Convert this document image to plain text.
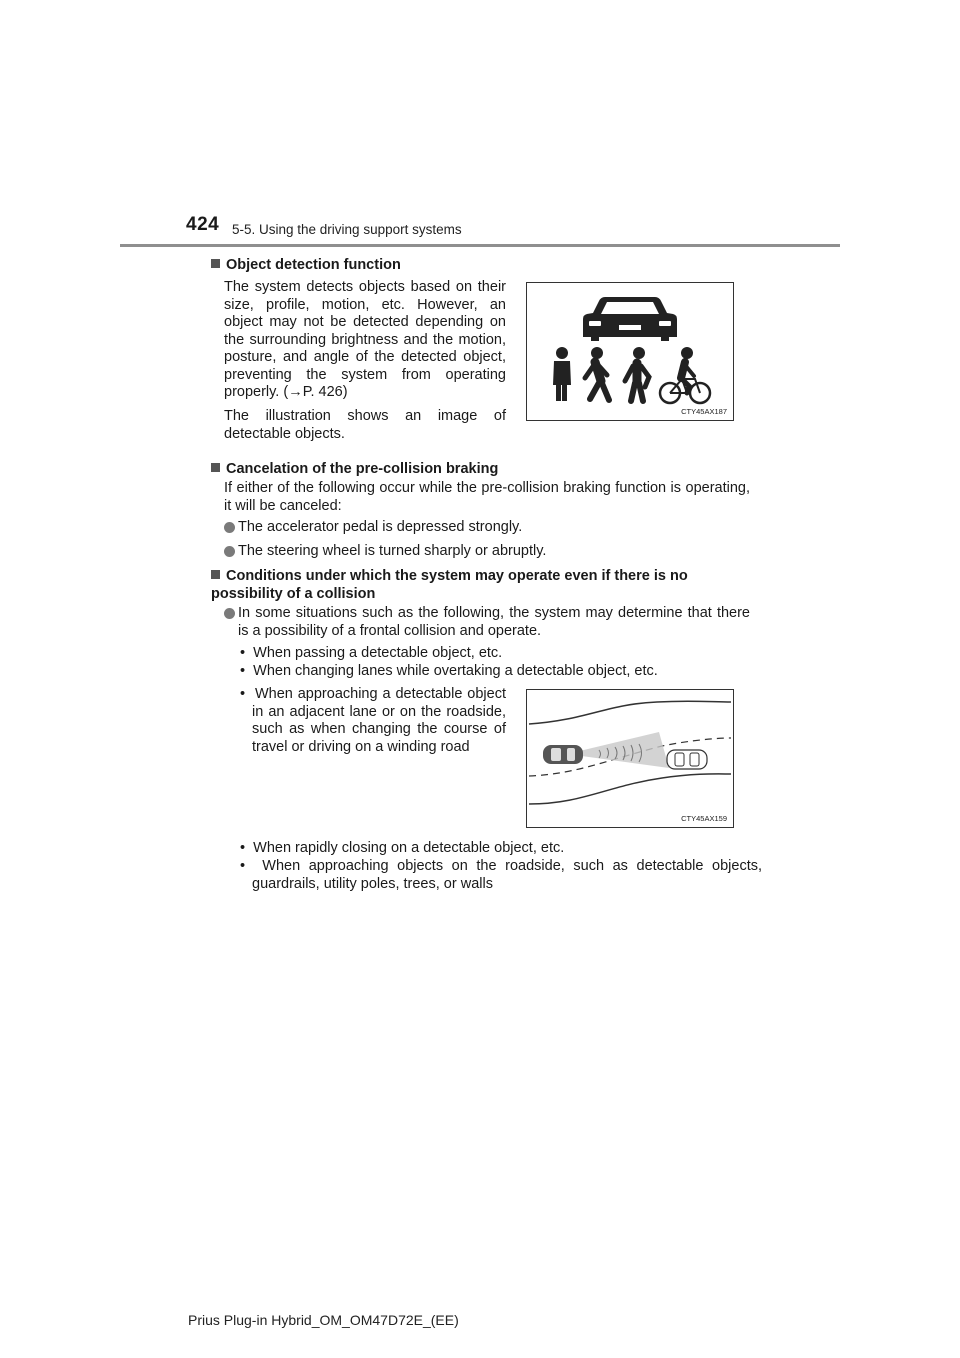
424 5-5. Using the driving support systems
Object detection function
The system detects objects based on their size, profile, motion, etc. However, an object may not be detected depending on the surrounding brightness and the motion, posture, and angle of the detected object, preventing the system from operating properly. (→P. 426)
The illustration shows an image of detectable objects.
CTY45AX187
Cancelation of the pre-collision braking
If either of the following occur while the pre-collision braking function is operating, it will be canceled:
The accelerator pedal is depressed strongly.
The steering wheel is turned sharply or abruptly.
Conditions under which the system may operate even if there is no possibility of a collision
In some situations such as the following, the system may determine that there is a possibility of a frontal collision and operate.
•  When passing a detectable object, etc.
•  When changing lanes while overtaking a detectable object, etc.
•  When approaching a detectable object in an adjacent lane or on the roadside, such as when changing the course of travel or driving on a winding road
CTY45AX159
•  When rapidly closing on a detectable object, etc.
•  When approaching objects on the roadside, such as detectable objects, guardrails, utility poles, trees, or walls
Prius Plug-in Hybrid_OM_OM47D72E_(EE)
